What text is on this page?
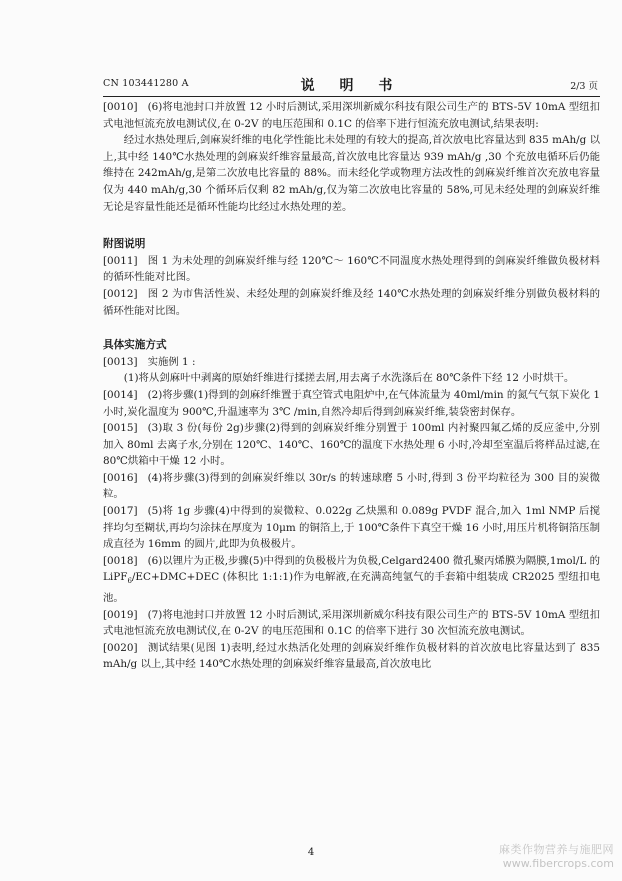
CN 103441280 A	说 明 书	2/3 页

[0010] (6)将电池封口并放置 12 小时后测试,采用深圳新威尔科技有限公司生产的 BTS-5V 10mA 型纽扣式电池恒流充放电测试仪,在 0-2V 的电压范围和 0.1C 的倍率下进行恒流充放电测试,结果表明:

经过水热处理后,剑麻炭纤维的电化学性能比未处理的有较大的提高,首次放电比容量达到 835 mAh/g 以上,其中经 140℃水热处理的剑麻炭纤维容量最高,首次放电比容量达 939 mAh/g ,30 个充放电循环后仍能维持在 242mAh/g,是第二次放电比容量的 88%。而未经化学或物理方法改性的剑麻炭纤维首次充放电容量仅为 440 mAh/g,30 个循环后仅剩 82 mAh/g,仅为第二次放电比容量的 58%,可见未经处理的剑麻炭纤维无论是容量性能还是循环性能均比经过水热处理的差。

附图说明

[0011] 图 1 为未处理的剑麻炭纤维与经 120℃～ 160℃不同温度水热处理得到的剑麻炭纤维做负极材料的循环性能对比图。

[0012] 图 2 为市售活性炭、未经处理的剑麻炭纤维及经 140℃水热处理的剑麻炭纤维分别做负极材料的循环性能对比图。

具体实施方式

[0013] 实施例 1 :

(1)将从剑麻叶中剥离的原始纤维进行揉搓去屑,用去离子水洗涤后在 80℃条件下经 12 小时烘干。

[0014] (2)将步骤(1)得到的剑麻纤维置于真空管式电阻炉中,在气体流量为 40ml/min 的氮气气氛下炭化 1 小时,炭化温度为 900℃,升温速率为 3℃ /min,自然冷却后得到剑麻炭纤维,装袋密封保存。

[0015] (3)取 3 份(每份 2g)步骤(2)得到的剑麻炭纤维分别置于 100ml 内衬聚四氟乙烯的反应釜中,分别加入 80ml 去离子水,分别在 120℃、140℃、160℃的温度下水热处理 6 小时,冷却至室温后将样品过滤,在 80℃烘箱中干燥 12 小时。

[0016] (4)将步骤(3)得到的剑麻炭纤维以 30r/s 的转速球磨 5 小时,得到 3 份平均粒径为 300 目的炭微粒。

[0017] (5)将 1g 步骤(4)中得到的炭微粒、0.022g 乙炔黑和 0.089g PVDF 混合,加入 1ml NMP 后搅拌均匀至糊状,再均匀涂抹在厚度为 10μm 的铜箔上,于 100℃条件下真空干燥 16 小时,用压片机将铜箔压制成直径为 16mm 的圆片,此即为负极极片。

[0018] (6)以锂片为正极,步骤(5)中得到的负极极片为负极,Celgard2400 微孔聚丙烯膜为隔膜,1mol/L 的 LiPF$_6$/EC+DMC+DEC (体积比 1:1:1)作为电解液,在充满高纯氩气的手套箱中组装成 CR2025 型纽扣电池。

[0019] (7)将电池封口并放置 12 小时后测试,采用深圳新威尔科技有限公司生产的 BTS-5V 10mA 型纽扣式电池恒流充放电测试仪,在 0-2V 的电压范围和 0.1C 的倍率下进行 30 次恒流充放电测试。

[0020] 测试结果(见图 1)表明,经过水热活化处理的剑麻炭纤维作负极材料的首次放电比容量达到了 835 mAh/g 以上,其中经 140℃水热处理的剑麻炭纤维容量最高,首次放电比

4	麻类作物营养与施肥网
www.fibercrops.com
